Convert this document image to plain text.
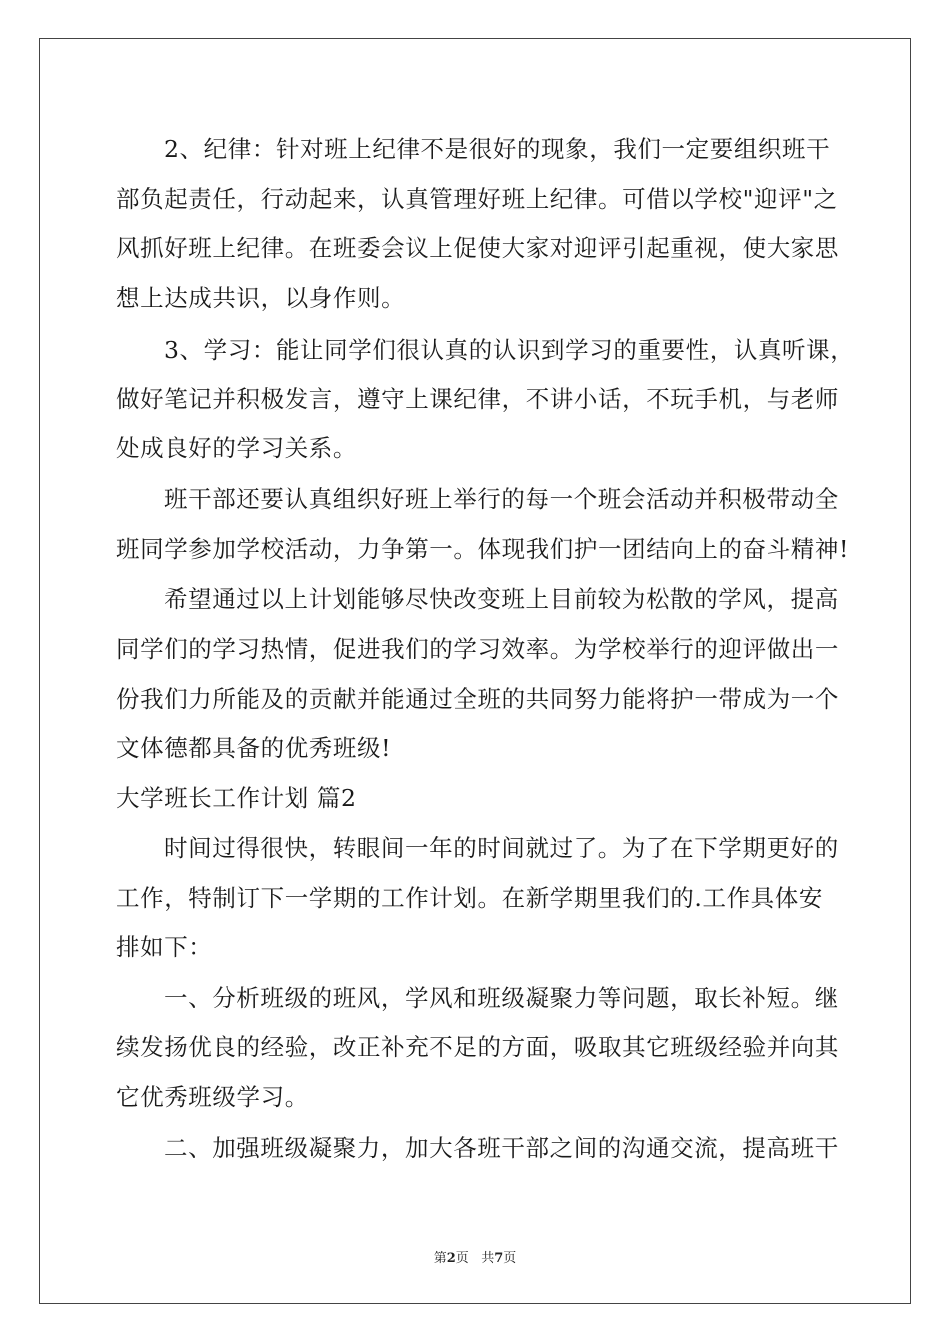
2、纪律：针对班上纪律不是很好的现象，我们一定要组织班干
部负起责任，行动起来，认真管理好班上纪律。可借以学校"迎评"之
风抓好班上纪律。在班委会议上促使大家对迎评引起重视，使大家思
想上达成共识，以身作则。
3、学习：能让同学们很认真的认识到学习的重要性，认真听课，
做好笔记并积极发言，遵守上课纪律，不讲小话，不玩手机，与老师
处成良好的学习关系。
班干部还要认真组织好班上举行的每一个班会活动并积极带动全
班同学参加学校活动，力争第一。体现我们护一团结向上的奋斗精神!
希望通过以上计划能够尽快改变班上目前较为松散的学风，提高
同学们的学习热情，促进我们的学习效率。为学校举行的迎评做出一
份我们力所能及的贡献并能通过全班的共同努力能将护一带成为一个
文体德都具备的优秀班级!
大学班长工作计划 篇2
时间过得很快，转眼间一年的时间就过了。为了在下学期更好的
工作，特制订下一学期的工作计划。在新学期里我们的.工作具体安
排如下：
一、分析班级的班风，学风和班级凝聚力等问题，取长补短。继
续发扬优良的经验，改正补充不足的方面，吸取其它班级经验并向其
它优秀班级学习。
二、加强班级凝聚力，加大各班干部之间的沟通交流，提高班干
第2页   共7页
